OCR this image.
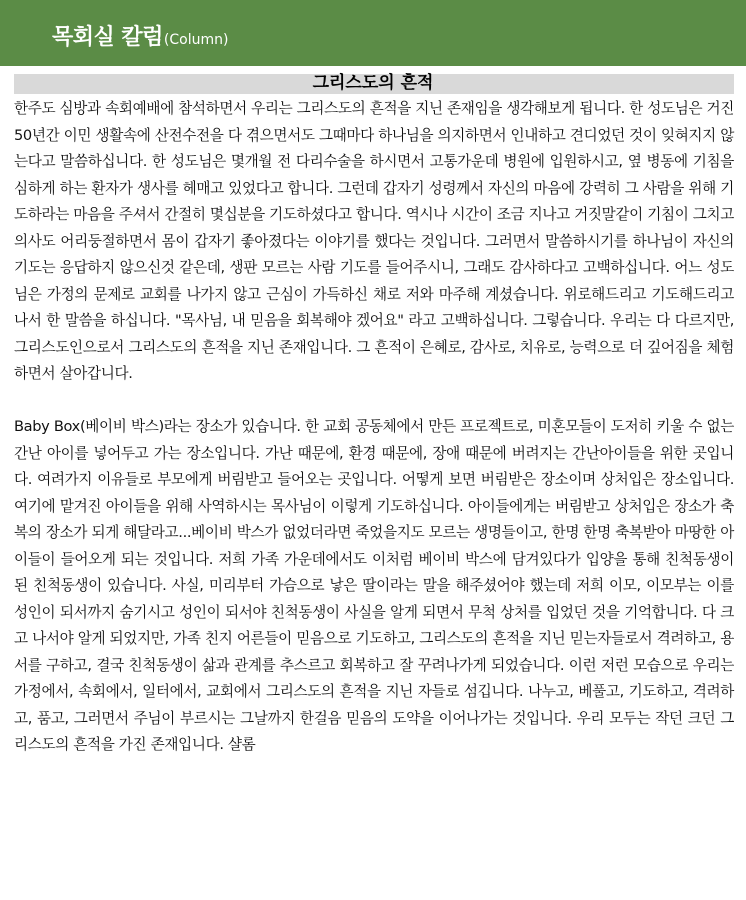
목회실 칼럼(Column)
그리스도의 흔적

한주도 심방과 속회예배에 참석하면서 우리는 그리스도의 흔적을 지닌 존재임을 생각해보게 됩니다. 한 성도님은 거진 50년간 이민 생활속에 산전수전을 다 겪으면서도 그때마다 하나님을 의지하면서 인내하고 견디었던 것이 잊혀지지 않는다고 말씀하십니다. 한 성도님은 몇개월 전 다리수술을 하시면서 고통가운데 병원에 입원하시고, 옆 병동에 기침을 심하게 하는 환자가 생사를 헤매고 있었다고 합니다. 그런데 갑자기 성령께서 자신의 마음에 강력히 그 사람을 위해 기도하라는 마음을 주셔서 간절히 몇십분을 기도하셨다고 합니다. 역시나 시간이 조금 지나고 거짓말같이 기침이 그치고 의사도 어리둥절하면서 몸이 갑자기 좋아졌다는 이야기를 했다는 것입니다. 그러면서 말씀하시기를 하나님이 자신의 기도는 응답하지 않으신것 같은데, 생판 모르는 사람 기도를 들어주시니, 그래도 감사하다고 고백하십니다. 어느 성도님은 가정의 문제로 교회를 나가지 않고 근심이 가득하신 채로 저와 마주해 계셨습니다. 위로해드리고 기도해드리고 나서 한 말씀을 하십니다. "목사님, 내 믿음을 회복해야 겠어요" 라고 고백하십니다. 그렇습니다. 우리는 다 다르지만, 그리스도인으로서 그리스도의 흔적을 지닌 존재입니다. 그 흔적이 은혜로, 감사로, 치유로, 능력으로 더 깊어짐을 체험하면서 살아갑니다.

Baby Box(베이비 박스)라는 장소가 있습니다. 한 교회 공동체에서 만든 프로젝트로, 미혼모들이 도저히 키울 수 없는 간난 아이를 넣어두고 가는 장소입니다. 가난 때문에, 환경 때문에, 장애 때문에 버려지는 간난아이들을 위한 곳입니다. 여려가지 이유들로 부모에게 버림받고 들어오는 곳입니다. 어떻게 보면 버림받은 장소이며 상처입은 장소입니다. 여기에 맡겨진 아이들을 위해 사역하시는 목사님이 이렇게 기도하십니다. 아이들에게는 버림받고 상처입은 장소가 축복의 장소가 되게 해달라고...베이비 박스가 없었더라면 죽었을지도 모르는 생명들이고, 한명 한명 축복받아 마땅한 아이들이 들어오게 되는 것입니다. 저희 가족 가운데에서도 이처럼 베이비 박스에 담겨있다가 입양을 통해 친척동생이 된 친척동생이 있습니다. 사실, 미리부터 가슴으로 낳은 딸이라는 말을 해주셨어야 했는데 저희 이모, 이모부는 이를 성인이 되서까지 숨기시고 성인이 되서야 친척동생이 사실을 알게 되면서 무척 상처를 입었던 것을 기억합니다. 다 크고 나서야 알게 되었지만, 가족 친지 어른들이 믿음으로 기도하고, 그리스도의 흔적을 지닌 믿는자들로서 격려하고, 용서를 구하고, 결국 친척동생이 삶과 관계를 추스르고 회복하고 잘 꾸려나가게 되었습니다. 이런 저런 모습으로 우리는 가정에서, 속회에서, 일터에서, 교회에서 그리스도의 흔적을 지닌 자들로 섬깁니다. 나누고, 베풀고, 기도하고, 격려하고, 품고, 그러면서 주님이 부르시는 그날까지 한걸음 믿음의 도약을 이어나가는 것입니다. 우리 모두는 작던 크던 그리스도의 흔적을 가진 존재입니다. 샬롬
